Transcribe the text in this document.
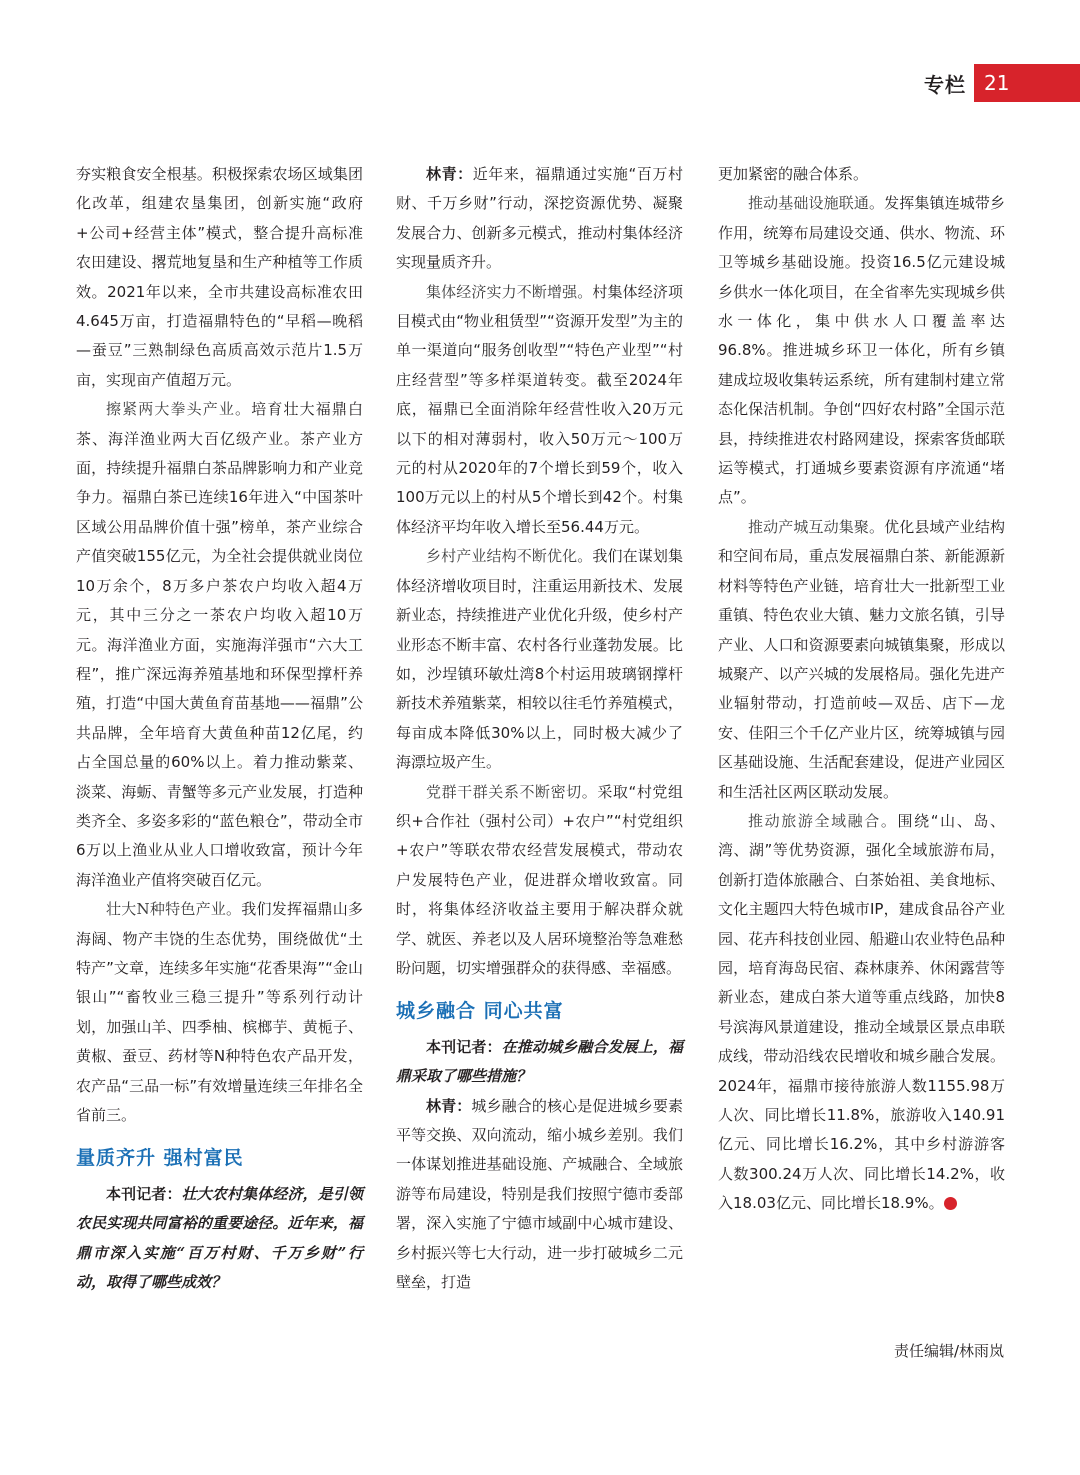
专栏 21

夯实粮食安全根基。积极探索农场区域集团化改革，组建农垦集团，创新实施“政府+公司+经营主体”模式，整合提升高标准农田建设、撂荒地复垦和生产种植等工作质效。2021年以来，全市共建设高标准农田4.645万亩，打造福鼎特色的“早稻—晚稻—蚕豆”三熟制绿色高质高效示范片1.5万亩，实现亩产值超万元。

擦紧两大拳头产业。培育壮大福鼎白茶、海洋渔业两大百亿级产业。茶产业方面，持续提升福鼎白茶品牌影响力和产业竞争力。福鼎白茶已连续16年进入“中国茶叶区域公用品牌价值十强”榜单，茶产业综合产值突破155亿元，为全社会提供就业岗位10万余个，8万多户茶农户均收入超4万元，其中三分之一茶农户均收入超10万元。海洋渔业方面，实施海洋强市“六大工程”，推广深远海养殖基地和环保型撑杆养殖，打造“中国大黄鱼育苗基地——福鼎”公共品牌，全年培育大黄鱼种苗12亿尾，约占全国总量的60%以上。着力推动紫菜、淡菜、海蛎、青蟹等多元产业发展，打造种类齐全、多姿多彩的“蓝色粮仓”，带动全市6万以上渔业从业人口增收致富，预计今年海洋渔业产值将突破百亿元。

壮大N种特色产业。我们发挥福鼎山多海阔、物产丰饶的生态优势，围绕做优“土特产”文章，连续多年实施“花香果海”“金山银山”“畜牧业三稳三提升”等系列行动计划，加强山羊、四季柚、槟榔芋、黄栀子、黄椒、蚕豆、药材等N种特色农产品开发，农产品“三品一标”有效增量连续三年排名全省前三。

量质齐升 强村富民

本刊记者：壮大农村集体经济，是引领农民实现共同富裕的重要途径。近年来，福鼎市深入实施“百万村财、千万乡财”行动，取得了哪些成效？

林青：近年来，福鼎通过实施“百万村财、千万乡财”行动，深挖资源优势、凝聚发展合力、创新多元模式，推动村集体经济实现量质齐升。

集体经济实力不断增强。村集体经济项目模式由“物业租赁型”“资源开发型”为主的单一渠道向“服务创收型”“特色产业型”“村庄经营型”等多样渠道转变。截至2024年底，福鼎已全面消除年经营性收入20万元以下的相对薄弱村，收入50万元～100万元的村从2020年的7个增长到59个，收入100万元以上的村从5个增长到42个。村集体经济平均年收入增长至56.44万元。

乡村产业结构不断优化。我们在谋划集体经济增收项目时，注重运用新技术、发展新业态，持续推进产业优化升级，使乡村产业形态不断丰富、农村各行业蓬勃发展。比如，沙埕镇环敏灶湾8个村运用玻璃钢撑杆新技术养殖紫菜，相较以往毛竹养殖模式，每亩成本降低30%以上，同时极大减少了海漂垃圾产生。

党群干群关系不断密切。采取“村党组织+合作社（强村公司）+农户”“村党组织+农户”等联农带农经营发展模式，带动农户发展特色产业，促进群众增收致富。同时，将集体经济收益主要用于解决群众就学、就医、养老以及人居环境整治等急难愁盼问题，切实增强群众的获得感、幸福感。

城乡融合 同心共富

本刊记者：在推动城乡融合发展上，福鼎采取了哪些措施？

林青：城乡融合的核心是促进城乡要素平等交换、双向流动，缩小城乡差别。我们一体谋划推进基础设施、产城融合、全域旅游等布局建设，特别是我们按照宁德市委部署，深入实施了宁德市域副中心城市建设、乡村振兴等七大行动，进一步打破城乡二元壁垒，打造

更加紧密的融合体系。

推动基础设施联通。发挥集镇连城带乡作用，统筹布局建设交通、供水、物流、环卫等城乡基础设施。投资16.5亿元建设城乡供水一体化项目，在全省率先实现城乡供水一体化，集中供水人口覆盖率达96.8%。推进城乡环卫一体化，所有乡镇建成垃圾收集转运系统，所有建制村建立常态化保洁机制。争创“四好农村路”全国示范县，持续推进农村路网建设，探索客货邮联运等模式，打通城乡要素资源有序流通“堵点”。

推动产城互动集聚。优化县域产业结构和空间布局，重点发展福鼎白茶、新能源新材料等特色产业链，培育壮大一批新型工业重镇、特色农业大镇、魅力文旅名镇，引导产业、人口和资源要素向城镇集聚，形成以城聚产、以产兴城的发展格局。强化先进产业辐射带动，打造前岐—双岳、店下—龙安、佳阳三个千亿产业片区，统筹城镇与园区基础设施、生活配套建设，促进产业园区和生活社区两区联动发展。

推动旅游全域融合。围绕“山、岛、湾、湖”等优势资源，强化全域旅游布局，创新打造体旅融合、白茶始祖、美食地标、文化主题四大特色城市IP，建成食品谷产业园、花卉科技创业园、船避山农业特色品种园，培育海岛民宿、森林康养、休闲露营等新业态，建成白茶大道等重点线路，加快8号滨海风景道建设，推动全域景区景点串联成线，带动沿线农民增收和城乡融合发展。2024年，福鼎市接待旅游人数1155.98万人次、同比增长11.8%，旅游收入140.91亿元、同比增长16.2%，其中乡村游游客人数300.24万人次、同比增长14.2%，收入18.03亿元、同比增长18.9%。	H

责任编辑/林雨岚
